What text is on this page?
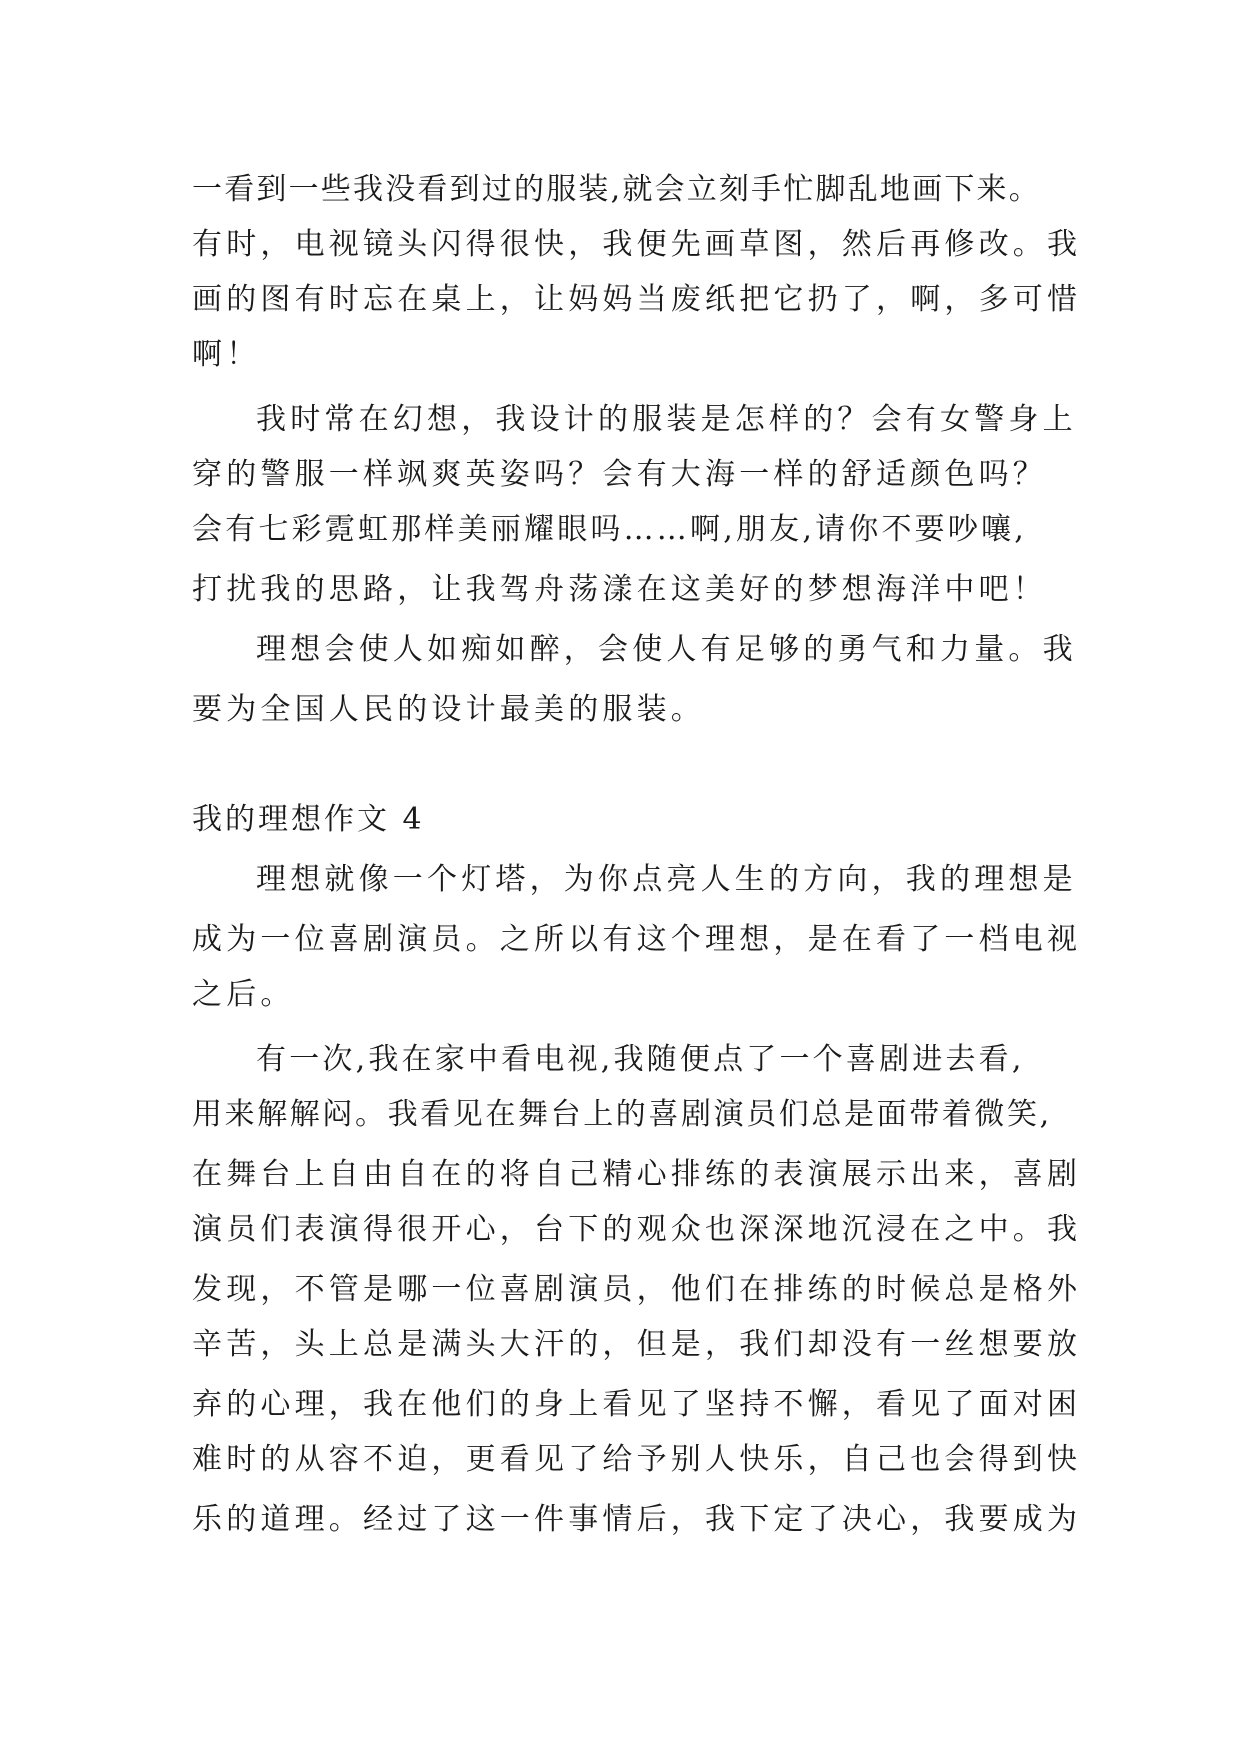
一看到一些我没看到过的服装,就会立刻手忙脚乱地画下来。
有时，电视镜头闪得很快，我便先画草图，然后再修改。我
画的图有时忘在桌上，让妈妈当废纸把它扔了，啊，多可惜
啊！
我时常在幻想，我设计的服装是怎样的？会有女警身上
穿的警服一样飒爽英姿吗？会有大海一样的舒适颜色吗？
会有七彩霓虹那样美丽耀眼吗……啊,朋友,请你不要吵嚷,
打扰我的思路，让我驾舟荡漾在这美好的梦想海洋中吧！
理想会使人如痴如醉，会使人有足够的勇气和力量。我
要为全国人民的设计最美的服装。
我的理想作文 4
理想就像一个灯塔，为你点亮人生的方向，我的理想是
成为一位喜剧演员。之所以有这个理想，是在看了一档电视
之后。
有一次,我在家中看电视,我随便点了一个喜剧进去看,
用来解解闷。我看见在舞台上的喜剧演员们总是面带着微笑,
在舞台上自由自在的将自己精心排练的表演展示出来，喜剧
演员们表演得很开心，台下的观众也深深地沉浸在之中。我
发现，不管是哪一位喜剧演员，他们在排练的时候总是格外
辛苦，头上总是满头大汗的，但是，我们却没有一丝想要放
弃的心理，我在他们的身上看见了坚持不懈，看见了面对困
难时的从容不迫，更看见了给予别人快乐，自己也会得到快
乐的道理。经过了这一件事情后，我下定了决心，我要成为
